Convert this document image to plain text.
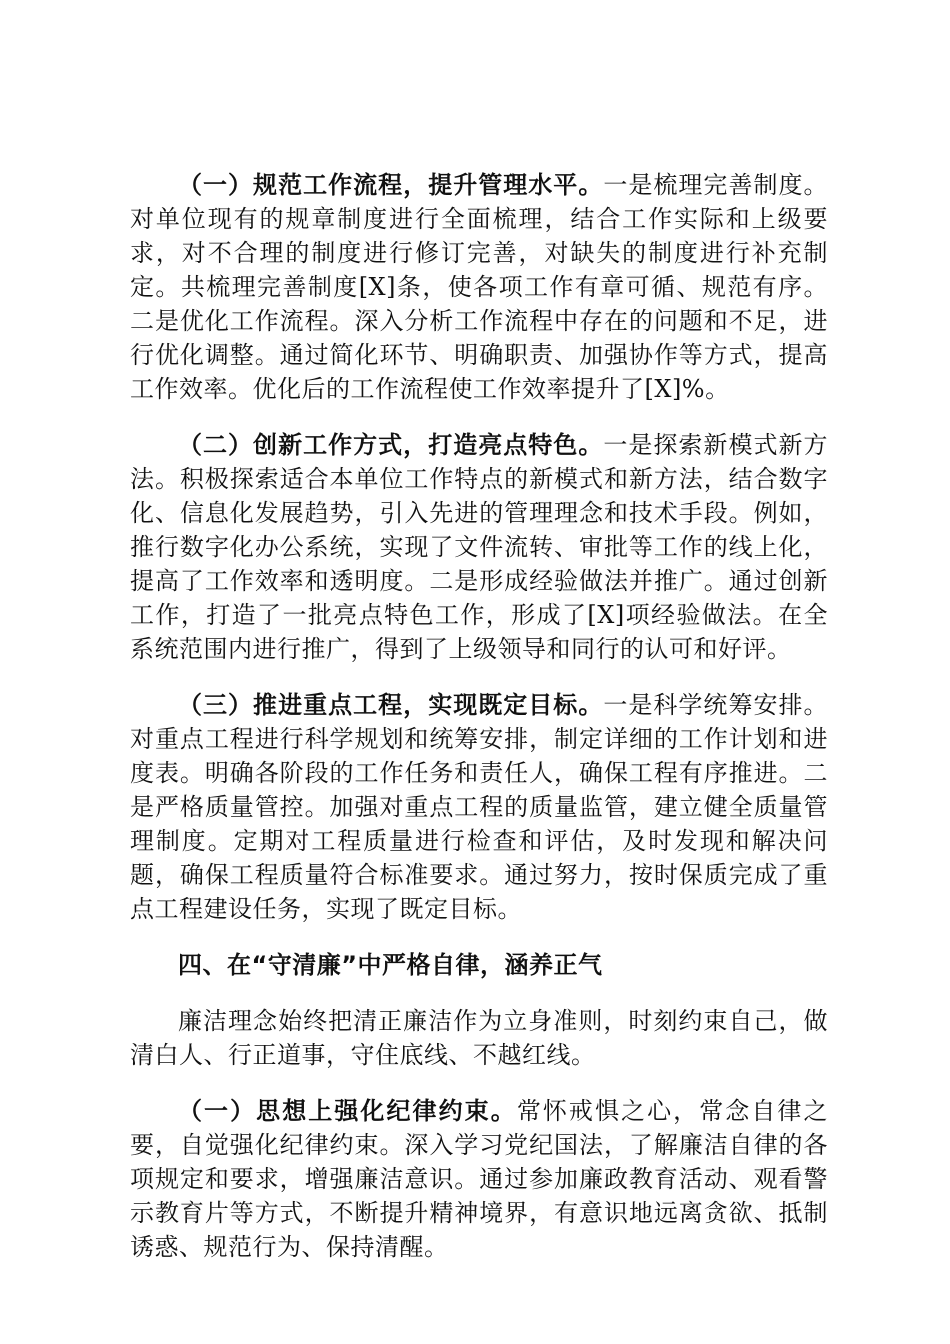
（一）规范工作流程，提升管理水平。一是梳理完善制度。对单位现有的规章制度进行全面梳理，结合工作实际和上级要求，对不合理的制度进行修订完善，对缺失的制度进行补充制定。共梳理完善制度[X]条，使各项工作有章可循、规范有序。二是优化工作流程。深入分析工作流程中存在的问题和不足，进行优化调整。通过简化环节、明确职责、加强协作等方式，提高工作效率。优化后的工作流程使工作效率提升了[X]%。

（二）创新工作方式，打造亮点特色。一是探索新模式新方法。积极探索适合本单位工作特点的新模式和新方法，结合数字化、信息化发展趋势，引入先进的管理理念和技术手段。例如，推行数字化办公系统，实现了文件流转、审批等工作的线上化，提高了工作效率和透明度。二是形成经验做法并推广。通过创新工作，打造了一批亮点特色工作，形成了[X]项经验做法。在全系统范围内进行推广，得到了上级领导和同行的认可和好评。

（三）推进重点工程，实现既定目标。一是科学统筹安排。对重点工程进行科学规划和统筹安排，制定详细的工作计划和进度表。明确各阶段的工作任务和责任人，确保工程有序推进。二是严格质量管控。加强对重点工程的质量监管，建立健全质量管理制度。定期对工程质量进行检查和评估，及时发现和解决问题，确保工程质量符合标准要求。通过努力，按时保质完成了重点工程建设任务，实现了既定目标。

四、在“守清廉”中严格自律，涵养正气

廉洁理念始终把清正廉洁作为立身准则，时刻约束自己，做清白人、行正道事，守住底线、不越红线。

（一）思想上强化纪律约束。常怀戒惧之心，常念自律之要，自觉强化纪律约束。深入学习党纪国法，了解廉洁自律的各项规定和要求，增强廉洁意识。通过参加廉政教育活动、观看警示教育片等方式，不断提升精神境界，有意识地远离贪欲、抵制诱惑、规范行为、保持清醒。
